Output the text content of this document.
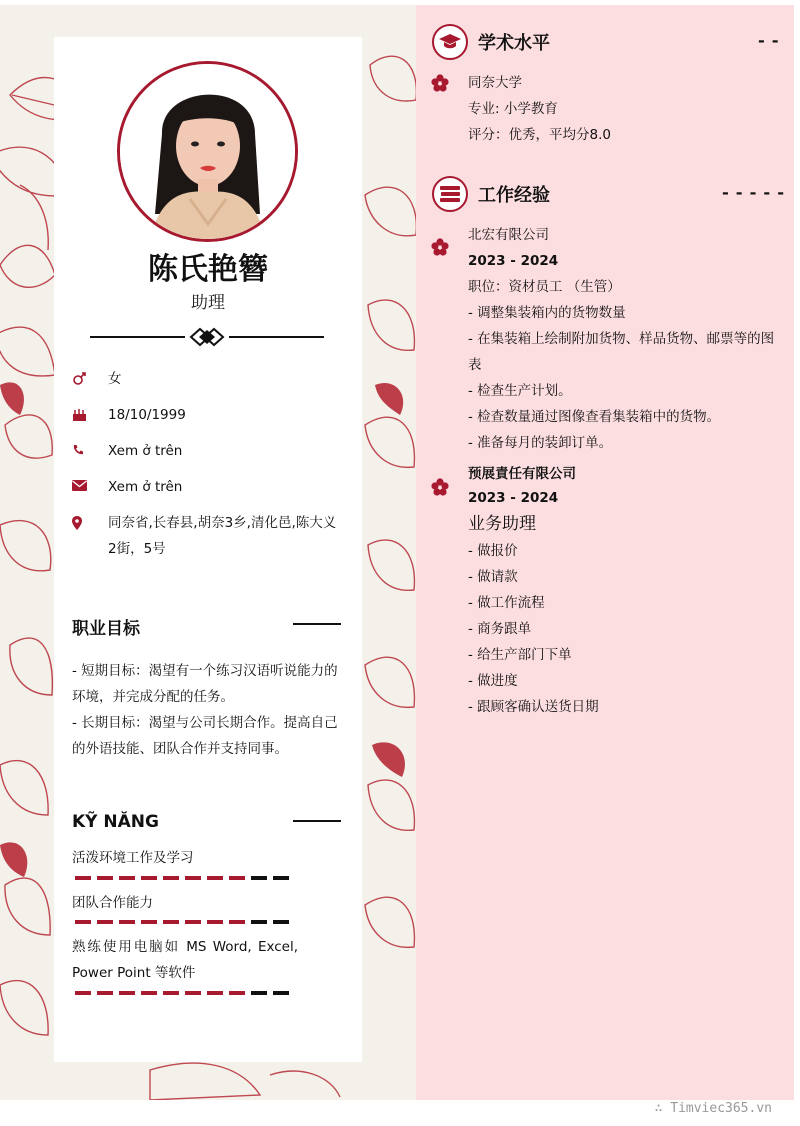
陈氏艳簪
助理
女
18/10/1999
Xem ở trên
Xem ở trên
同奈省,长春县,胡奈3乡,清化邑,陈大义2街，5号
职业目标
- 短期目标：渴望有一个练习汉语听说能力的环境，并完成分配的任务。
- 长期目标：渴望与公司长期合作。提高自己的外语技能、团队合作并支持同事。
KỸ NĂNG
活泼环境工作及学习
团队合作能力
熟练使用电脑如 MS Word, Excel, Power Point 等软件
学术水平	--
同奈大学
专业: 小学教育
评分：优秀，平均分8.0
工作经验	-----
北宏有限公司
2023 - 2024
职位：资材员工 （生管）
- 调整集装箱内的货物数量
- 在集装箱上绘制附加货物、样品货物、邮票等的图表
- 检查生产计划。
- 检查数量通过图像查看集装箱中的货物。
- 准备每月的装卸订单。
预展責任有限公司
2023 - 2024
业务助理
- 做报价
- 做请款
- 做工作流程
- 商务跟单
- 给生产部门下单
- 做进度
- 跟顾客确认送货日期
∴ Timviec365.vn
